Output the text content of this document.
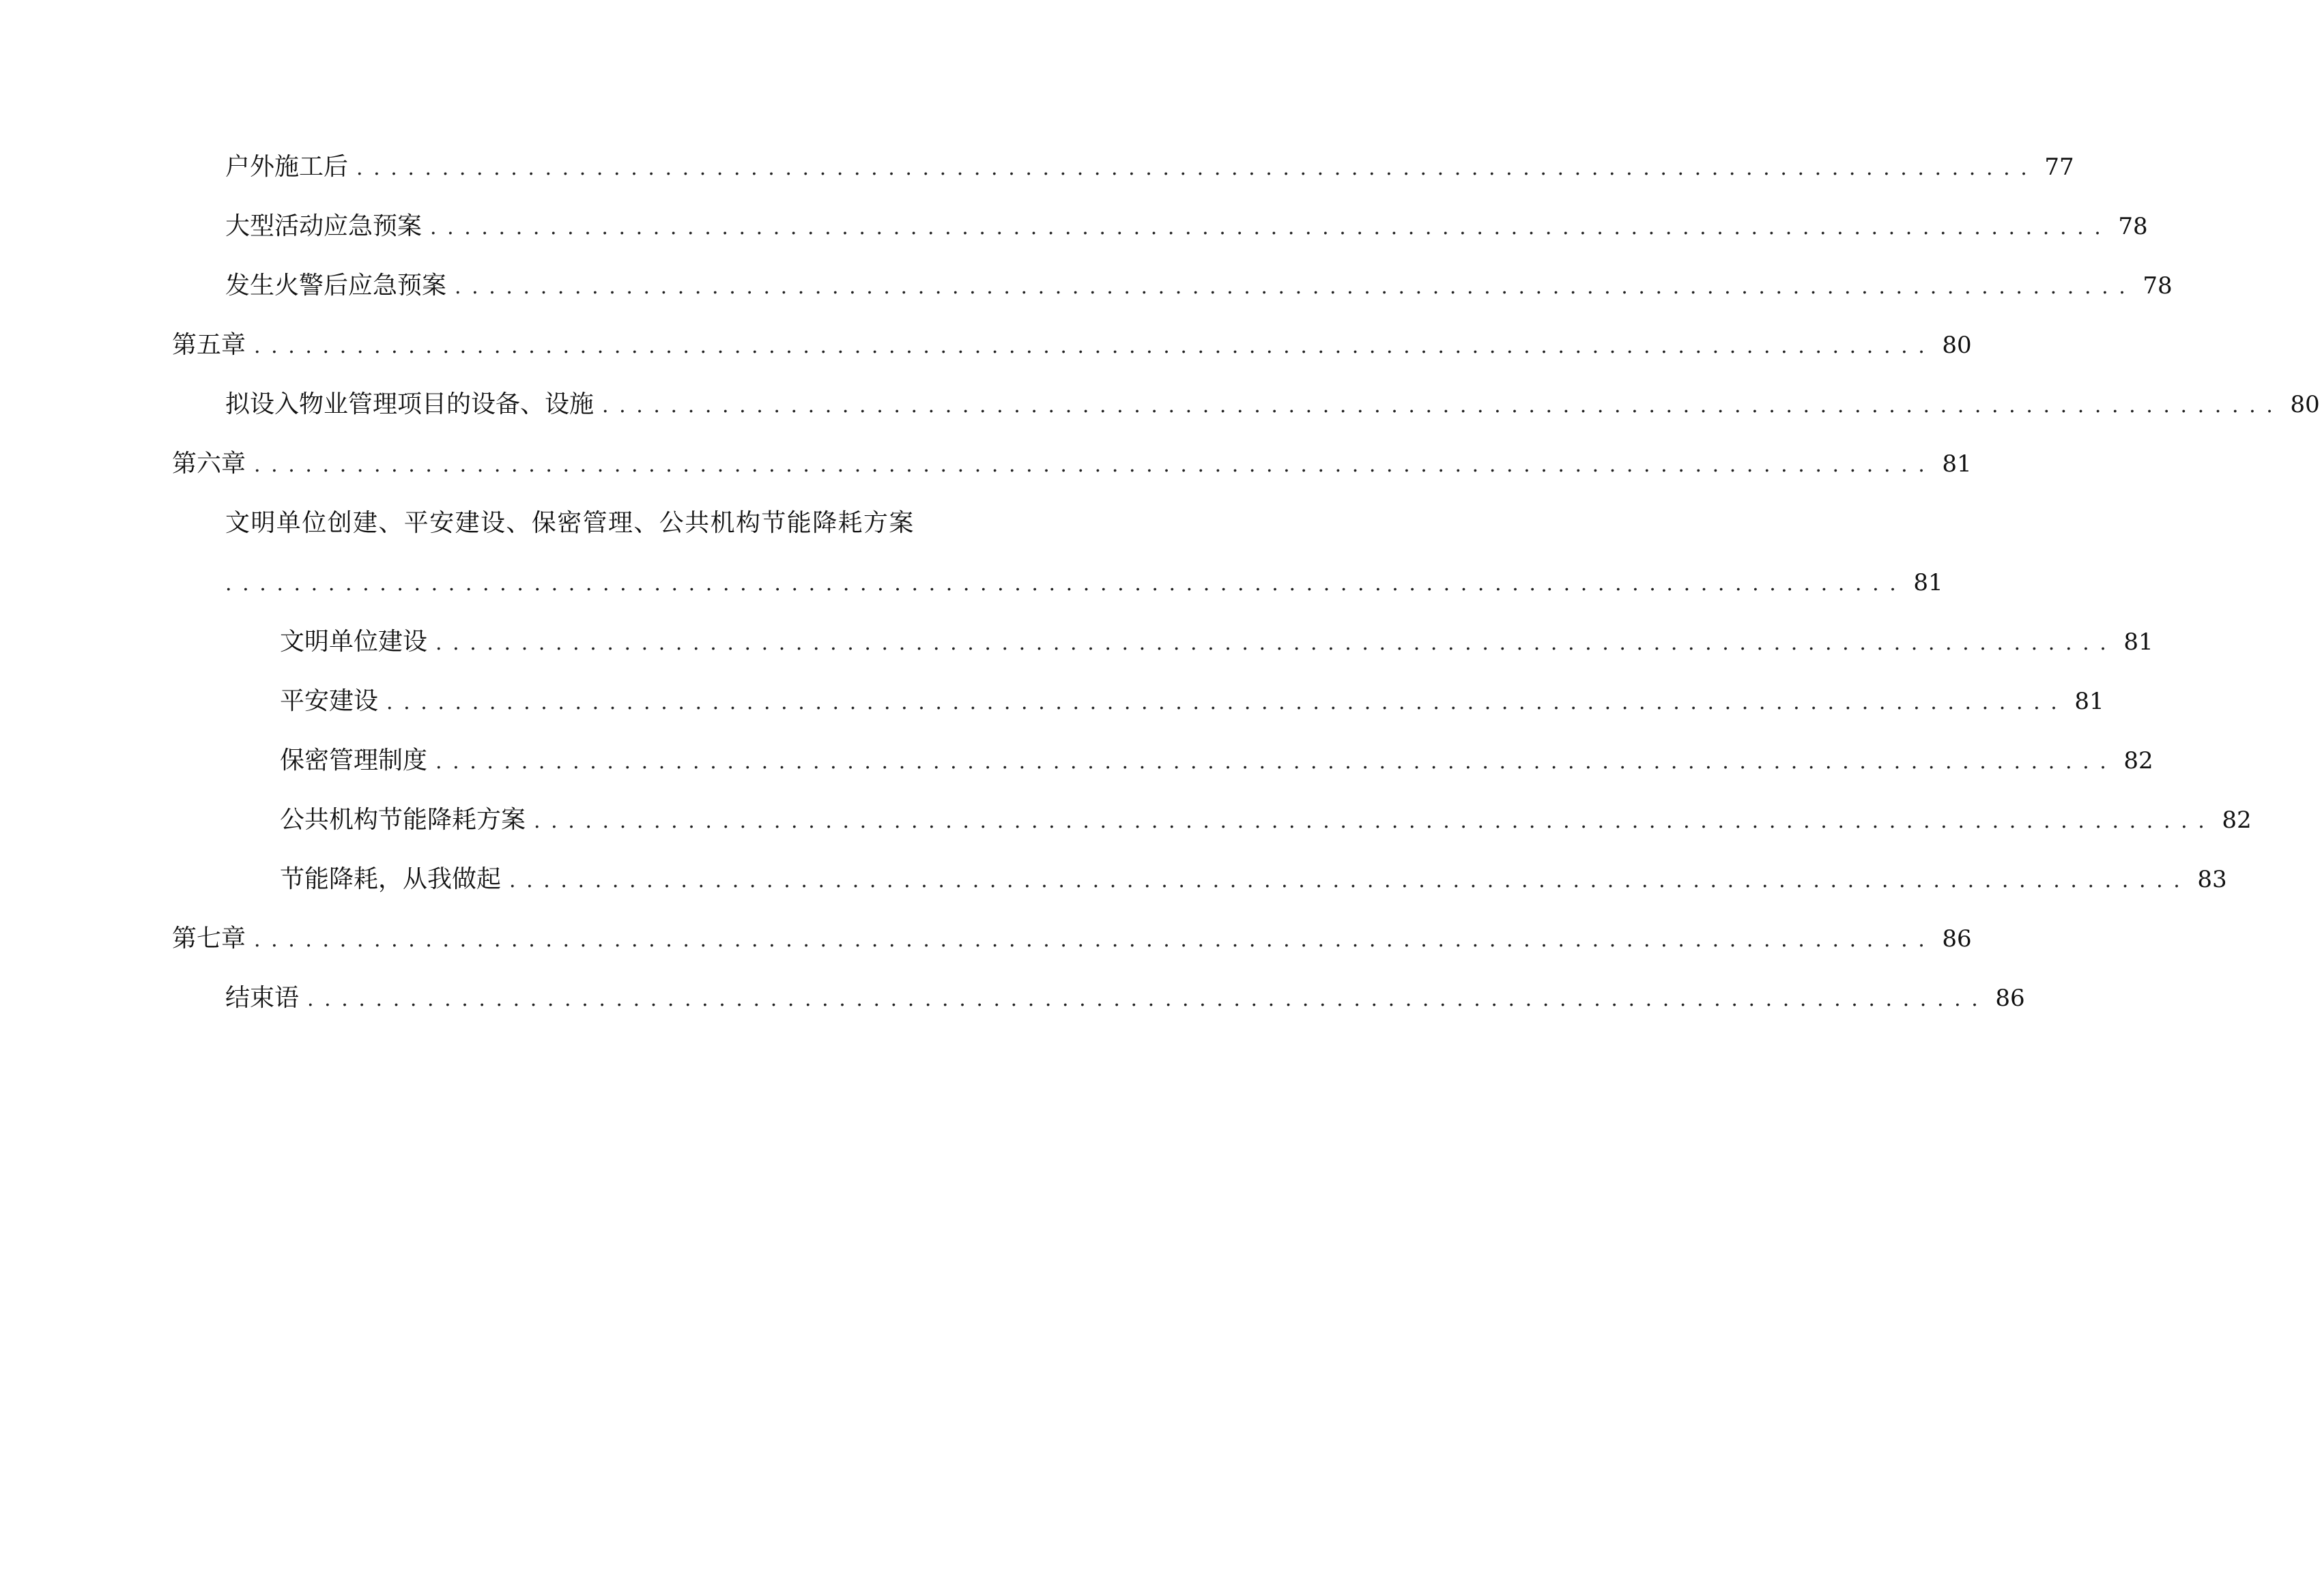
户外施工后 .................................................................................................. 77
大型活动应急预案 .................................................................................................. 78
发生火警后应急预案 .................................................................................................. 78
第五章 .................................................................................................. 80
拟设入物业管理项目的设备、设施 .................................................................................................. 80
第六章 .................................................................................................. 81
文明单位创建、平安建设、保密管理、公共机构节能降耗方案
.................................................................................................. 81
文明单位建设 .................................................................................................. 81
平安建设 .................................................................................................. 81
保密管理制度 .................................................................................................. 82
公共机构节能降耗方案 .................................................................................................. 82
节能降耗，从我做起 .................................................................................................. 83
第七章 .................................................................................................. 86
结束语 .................................................................................................. 86
